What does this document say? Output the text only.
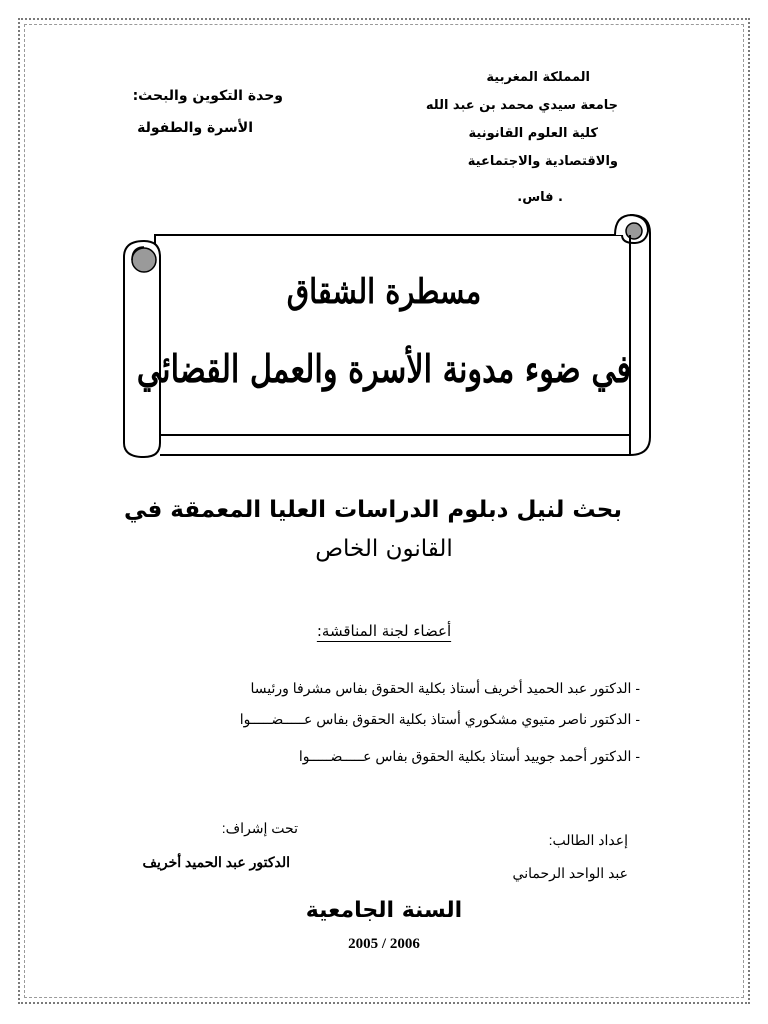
المملكة المغربية
جامعة سيدي محمد بن عبد الله
كلية العلوم القانونية
والاقتصادية والاجتماعية
. فاس.
وحدة التكوين والبحث:
الأسرة والطفولة
مسطرة الشقاق
في ضوء مدونة الأسرة والعمل القضائي
بحث لنيل دبلوم الدراسات العليا المعمقة في
القانون الخاص
أعضاء لجنة المناقشة:
- الدكتور عبد الحميد أخريف أستاذ بكلية الحقوق بفاس مشرفا ورئيسا
- الدكتور ناصر متيوي مشكوري أستاذ بكلية الحقوق بفاس عـــــضـــــوا
- الدكتور أحمد جوييد أستاذ بكلية الحقوق بفاس عـــــضـــــوا
إعداد الطالب:
عبد الواحد الرحماني
تحت إشراف:
الدكتور عبد الحميد أخريف
السنة الجامعية
2005 / 2006
